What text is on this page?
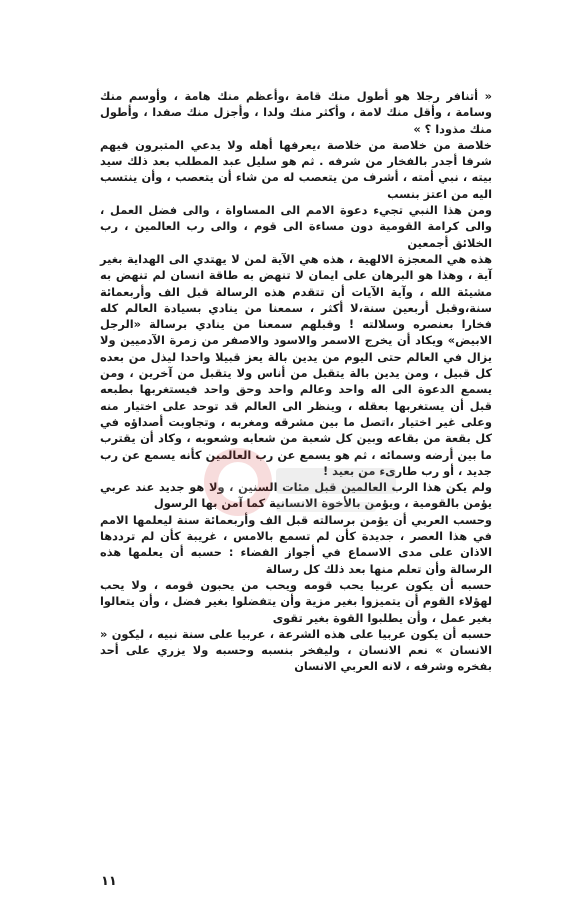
« أتنافر رجلا هو أطول منك قامة ،وأعظم منك هامة ، وأوسم منك وسامة ، وأقل منك لامة ، وأكثر منك ولدا ، وأجزل منك صفدا ، وأطول منك مذودا ؟ »

خلاصة من خلاصة من خلاصة ،يعرفها أهله ولا يدعي المتبرون فيهم شرفا أجدر بالفخار من شرفه . ثم هو سليل عبد المطلب بعد ذلك سيد بيته ، نبي أمته ، أشرف من يتعصب له من شاء أن يتعصب ، وأن ينتسب اليه من اعتز بنسب

ومن هذا النبي تجيء دعوة الامم الى المساواة ، والى فضل العمل ، والى كرامة القومية دون مساءة الى قوم ، والى رب العالمين ، رب الخلائق أجمعين

هذه هي المعجزة الالهية ، هذه هي الآية لمن لا يهتدي الى الهداية بغير آية ، وهذا هو البرهان على ايمان لا تنهض به طاقة انسان لم تنهض به مشيئة الله ، وآية الآيات أن تتقدم هذه الرسالة قبل الف وأربعمائة سنة،وقبل أربعين سنة،لا أكثر ، سمعنا من ينادي بسيادة العالم كله فخارا بعنصره وسلالته ! وقبلهم سمعنا من ينادي برسالة «الرجل الابيض» ويكاد أن يخرج الاسمر والاسود والاصفر من زمرة الآدميين ولا يزال في العالم حتى اليوم من يدين بالة يعز قبيلا واحدا ليذل من بعده كل قبيل ، ومن يدين بالة يتقبل من أناس ولا يتقبل من آخرين ، ومن يسمع الدعوة الى اله واحد وعالم واحد وحق واحد فيستغربها بطبعه قبل أن يستغربها بعقله ، وينظر الى العالم قد توحد على اختيار منه وعلى غير اختيار ،اتصل ما بين مشرقه ومغربه ، وتجاوبت أصداؤه في كل بقعة من بقاعه وبين كل شعبة من شعابه وشعوبه ، وكاد أن يقترب ما بين أرضه وسمائه ، ثم هو يسمع عن رب العالمين كأنه يسمع عن رب جديد ، أو رب طارىء من بعيد !

ولم يكن هذا الرب العالمين قبل مئات السنين ، ولا هو جديد عند عربي يؤمن بالقومية ، ويؤمن بالأخوة الانسانية كما آمن بها الرسول

وحسب العربي أن يؤمن برسالته قبل الف وأربعمائة سنة ليعلمها الامم في هذا العصر ، جديدة كأن لم تسمع بالامس ، غريبة كأن لم ترددها الاذان على مدى الاسماع في أجواز الفضاء : حسبه أن يعلمها هذه الرسالة وأن تعلم منها بعد ذلك كل رسالة

حسبه أن يكون عربيا يحب قومه ويحب من يحبون قومه ، ولا يحب لهؤلاء القوم أن يتميزوا بغير مزية وأن يتفضلوا بغير فضل ، وأن يتعالوا بغير عمل ، وأن يطلبوا القوة بغير تقوى

حسبه أن يكون عربيا على هذه الشرعة ، عربيا على سنة نبيه ، ليكون « الانسان » نعم الانسان ، وليفخر بنسبه وحسبه ولا يزري على أحد بفخره وشرفه ، لانه العربي الانسان

١١
